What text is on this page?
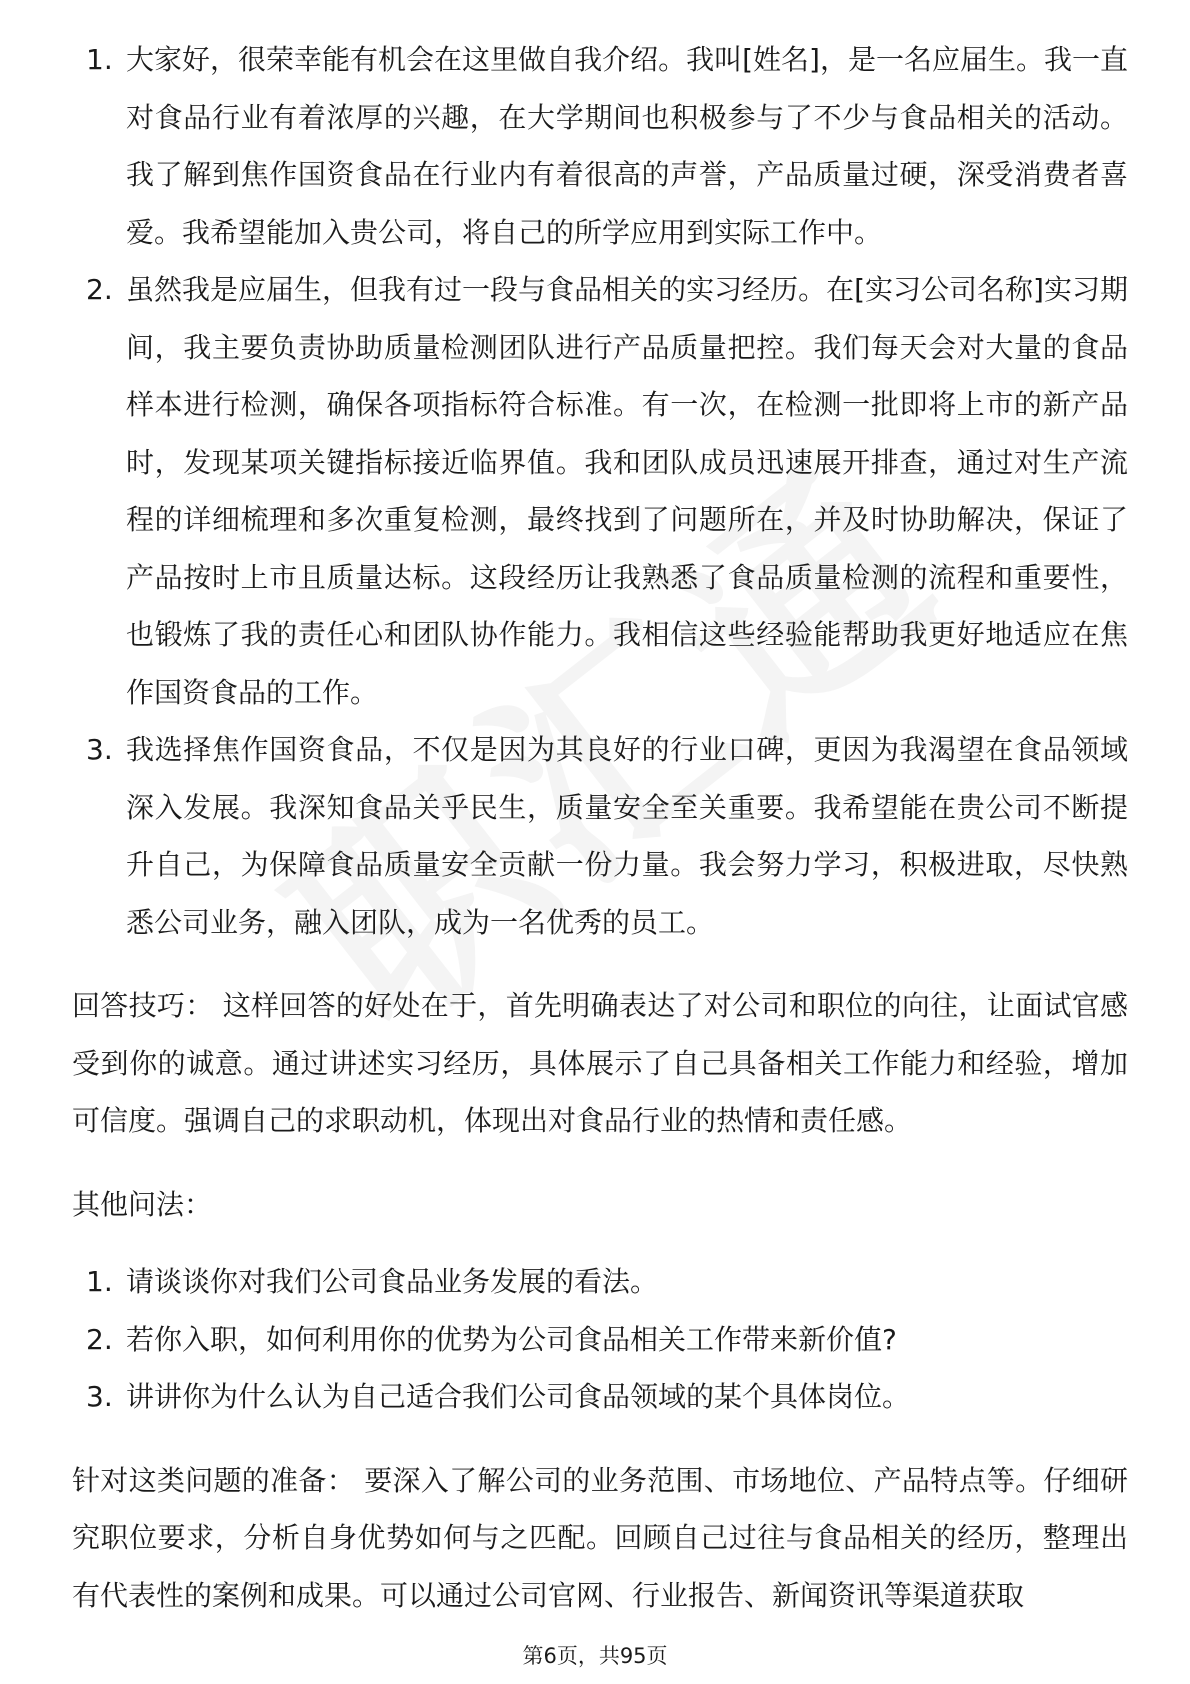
1. 大家好，很荣幸能有机会在这里做自我介绍。我叫[姓名]，是一名应届生。我一直对食品行业有着浓厚的兴趣，在大学期间也积极参与了不少与食品相关的活动。我了解到焦作国资食品在行业内有着很高的声誉，产品质量过硬，深受消费者喜爱。我希望能加入贵公司，将自己的所学应用到实际工作中。

2. 虽然我是应届生，但我有过一段与食品相关的实习经历。在[实习公司名称]实习期间，我主要负责协助质量检测团队进行产品质量把控。我们每天会对大量的食品样本进行检测，确保各项指标符合标准。有一次，在检测一批即将上市的新产品时，发现某项关键指标接近临界值。我和团队成员迅速展开排查，通过对生产流程的详细梳理和多次重复检测，最终找到了问题所在，并及时协助解决，保证了产品按时上市且质量达标。这段经历让我熟悉了食品质量检测的流程和重要性，也锻炼了我的责任心和团队协作能力。我相信这些经验能帮助我更好地适应在焦作国资食品的工作。

3. 我选择焦作国资食品，不仅是因为其良好的行业口碑，更因为我渴望在食品领域深入发展。我深知食品关乎民生，质量安全至关重要。我希望能在贵公司不断提升自己，为保障食品质量安全贡献一份力量。我会努力学习，积极进取，尽快熟悉公司业务，融入团队，成为一名优秀的员工。

回答技巧： 这样回答的好处在于，首先明确表达了对公司和职位的向往，让面试官感受到你的诚意。通过讲述实习经历，具体展示了自己具备相关工作能力和经验，增加可信度。强调自己的求职动机，体现出对食品行业的热情和责任感。

其他问法：

1. 请谈谈你对我们公司食品业务发展的看法。

2. 若你入职，如何利用你的优势为公司食品相关工作带来新价值?

3. 讲讲你为什么认为自己适合我们公司食品领域的某个具体岗位。

针对这类问题的准备： 要深入了解公司的业务范围、市场地位、产品特点等。仔细研究职位要求，分析自身优势如何与之匹配。回顾自己过往与食品相关的经历，整理出有代表性的案例和成果。可以通过公司官网、行业报告、新闻资讯等渠道获取

第6页，共95页
